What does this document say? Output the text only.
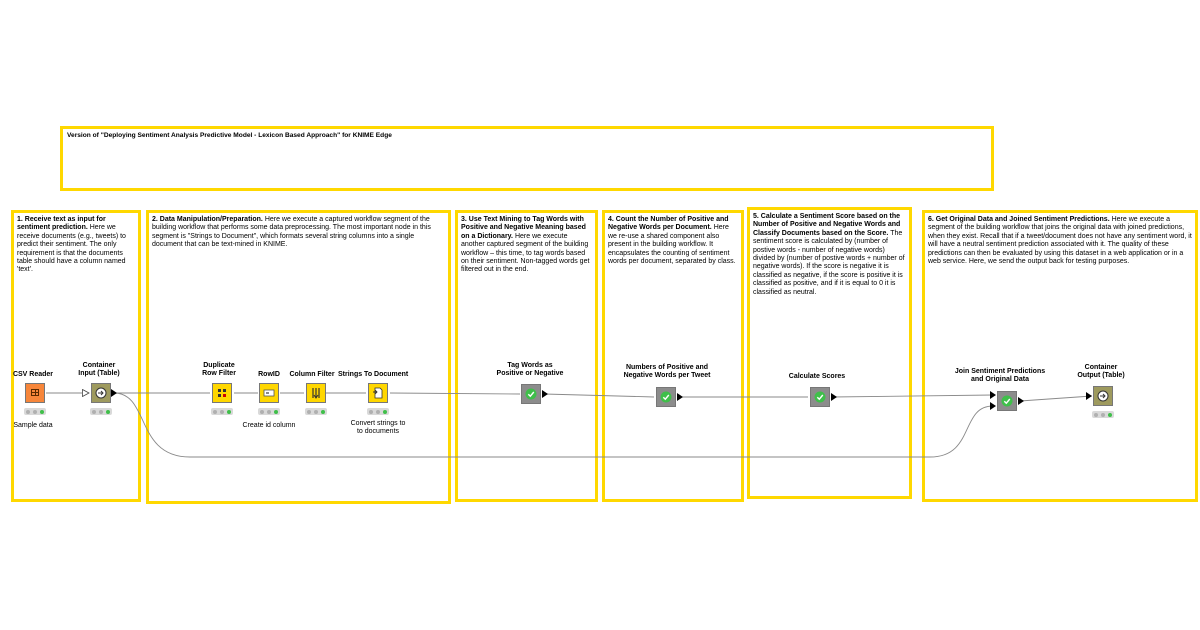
Version of "Deploying Sentiment Analysis Predictive Model - Lexicon Based Approach" for KNIME Edge
1. Receive text as input for sentiment prediction. Here we receive documents (e.g., tweets) to predict their sentiment. The only requirement is that the documents table should have a column named 'text'.
2. Data Manipulation/Preparation. Here we execute a captured workflow segment of the building workflow that performs some data preprocessing. The most important node in this segment is "Strings to Document", which formats several string columns into a single document that can be text-mined in KNIME.
3. Use Text Mining to Tag Words with Positive and Negative Meaning based on a Dictionary. Here we execute another captured segment of the building workflow – this time, to tag words based on their sentiment. Non-tagged words get filtered out in the end.
4. Count the Number of Positive and Negative Words per Document. Here we re-use a shared component also present in the building workflow. It encapsulates the counting of sentiment words per document, separated by class.
5. Calculate a Sentiment Score based on the Number of Positive and Negative Words and Classify Documents based on the Score. The sentiment score is calculated by (number of postive words - number of negative words) divided by (number of postive words + number of negative words). If the score is negative it is classified as negative, if the score is positive it is classified as positive, and if it is equal to 0 it is classified as neutral.
6. Get Original Data and Joined Sentiment Predictions. Here we execute a segment of the building workflow that joins the original data with joined predictions, when they exist. Recall that if a tweet/document does not have any sentiment word, it will have a neutral sentiment prediction associated with it. The quality of these predictions can then be evaluated by using this dataset in a web application or in a web service. Here, we send the output back for testing purposes.
CSV Reader
Sample data
Container
Input (Table)
Duplicate
Row Filter	RowID
Create id column
Column Filter Strings To Document
Convert strings to
to documents
Tag Words as
Positive or Negative
Numbers of Positive and
Negative Words per Tweet	Calculate Scores
Join Sentiment Predictions
and Original Data
Container
Output (Table)
